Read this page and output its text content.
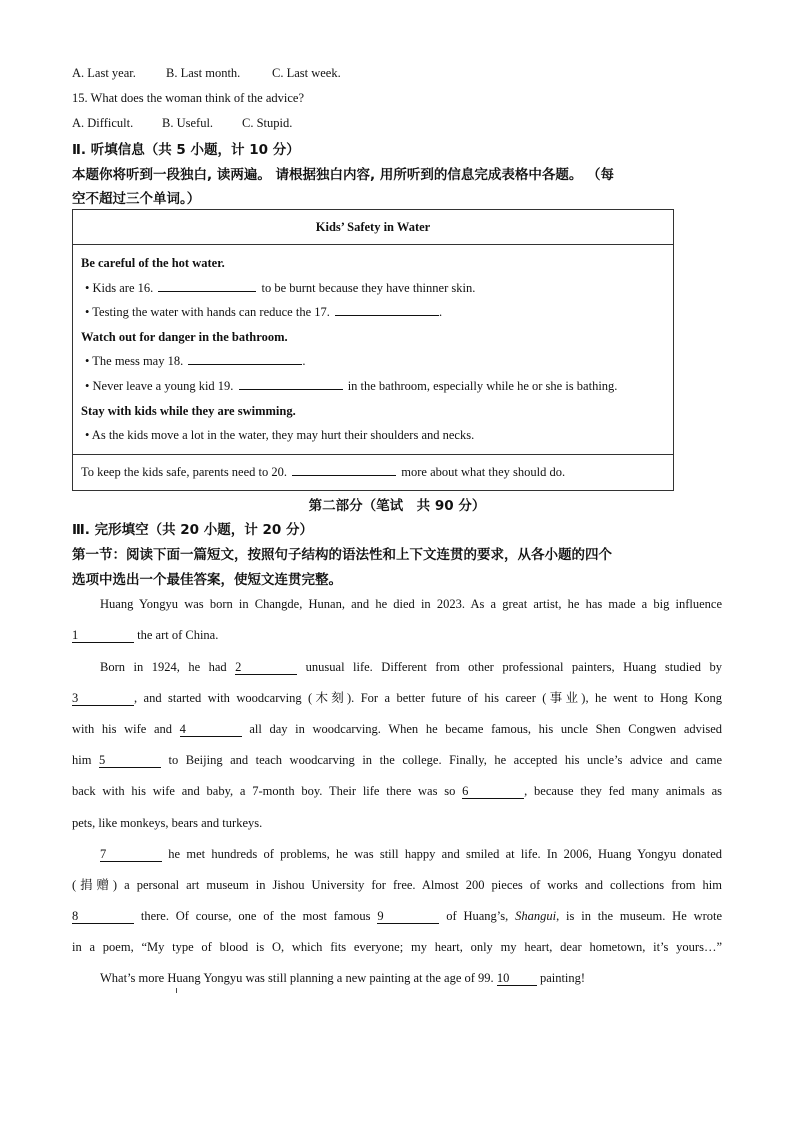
A. Last year. B. Last month.	C. Last week.
15. What does the woman think of the advice?
A. Difficult. B. Useful. C. Stupid.
Ⅱ. 听填信息（共 5 小题，计 10 分）
本题你将听到一段独白, 读两遍。 请根据独白内容, 用所听到的信息完成表格中各题。 （每
空不超过三个单词。）
Kids’ Safety in Water

Be careful of the hot water.
• Kids are 16.	to be burnt because they have thinner skin.
• Testing the water with hands can reduce the 17.	.
Watch out for danger in the bathroom.
• The mess may 18.	.
• Never leave a young kid 19.	in the bathroom, especially while he or she is bathing.
Stay with kids while they are swimming.
• As the kids move a lot in the water, they may hurt their shoulders and necks.

To keep the kids safe, parents need to 20.	more about what they should do.
第二部分（笔试　共 90 分）
Ⅲ. 完形填空（共 20 小题，计 20 分）
第一节：阅读下面一篇短文，按照句子结构的语法性和上下文连贯的要求，从各小题的四个
选项中选出一个最佳答案，使短文连贯完整。
Huang Yongyu was born in Changde, Hunan, and he died in 2023. As a great artist, he has made a big influence
1	the art of China.
Born in 1924, he had 2	unusual life. Different from other professional painters, Huang studied by
3	, and started with woodcarving (木刻). For a better future of his career (事业), he went to Hong Kong
with his wife and 4	all day in woodcarving. When he became famous, his uncle Shen Congwen advised
him 5	to Beijing and teach woodcarving in the college. Finally, he accepted his uncle’s advice and came
back with his wife and baby, a 7-month boy. Their life there was so 6	, because they fed many animals as
pets, like monkeys, bears and turkeys.
7	he met hundreds of problems, he was still happy and smiled at life. In 2006, Huang Yongyu donated
(捐赠) a personal art museum in Jishou University for free. Almost 200 pieces of works and collections from him
8	there. Of course, one of the most famous 9	of Huang’s, Shangui, is in the museum. He wrote
in a poem, “My type of blood is O, which fits everyone; my heart, only my heart, dear hometown, it’s yours…”
What’s more Huang Yongyu was still planning a new painting at the age of 99. 10 painting!
